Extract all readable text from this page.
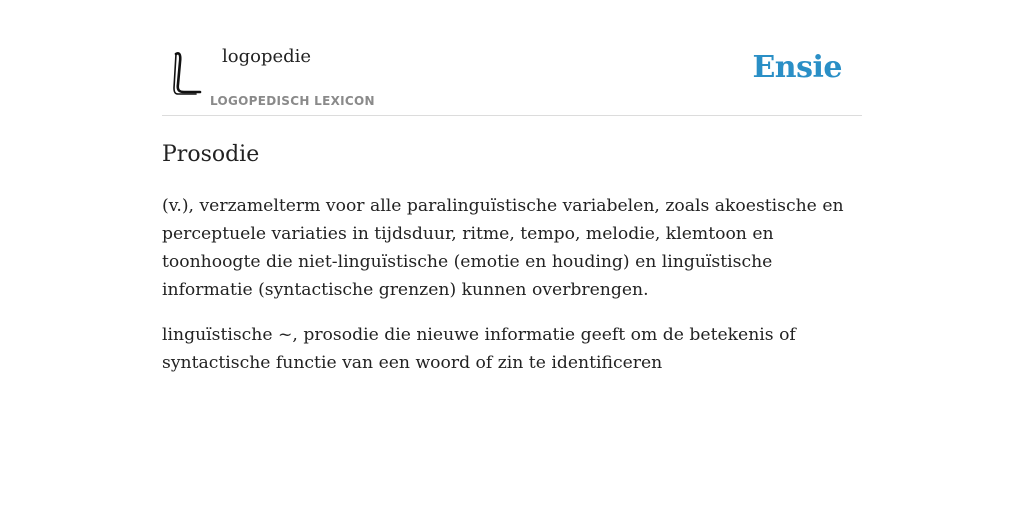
logopedie
LOGOPEDISCH LEXICON
Ensie
Prosodie

(v.), verzamelterm voor alle paralinguïstische variabelen, zoals akoestische en perceptuele variaties in tijdsduur, ritme, tempo, melodie, klemtoon en toonhoogte die niet-linguïstische (emotie en houding) en linguïstische informatie (syntactische grenzen) kunnen overbrengen.

linguïstische ~, prosodie die nieuwe informatie geeft om de betekenis of syntactische functie van een woord of zin te identificeren
